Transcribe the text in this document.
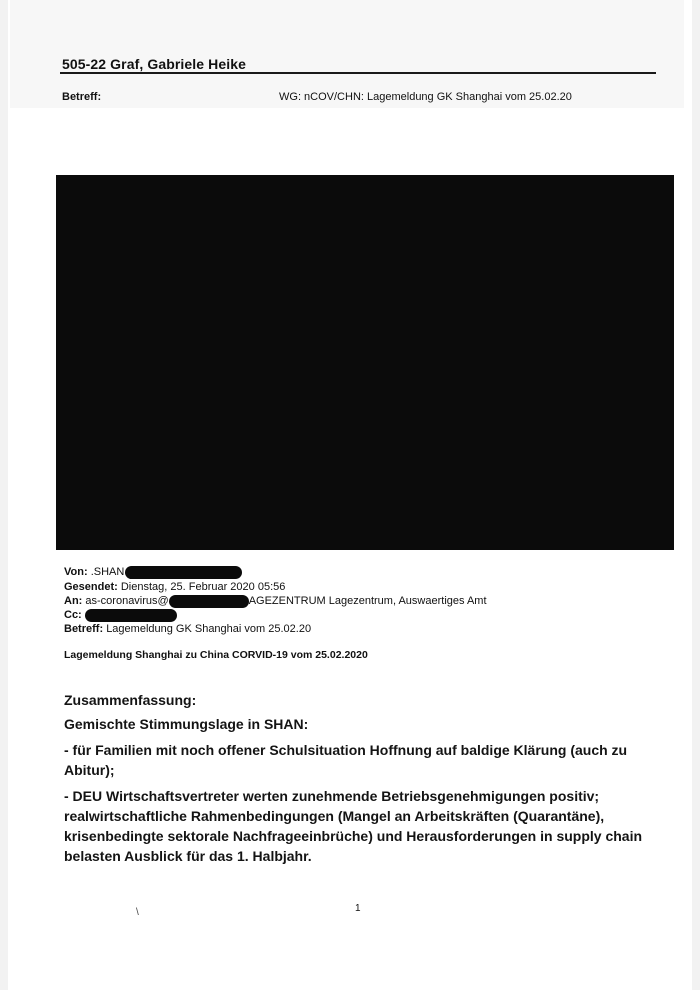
505-22 Graf, Gabriele Heike
Betreff:	WG: nCOV/CHN: Lagemeldung GK Shanghai vom 25.02.20
Von: .SHAN
Gesendet: Dienstag, 25. Februar 2020 05:56
An: as-coronavirus@	AGEZENTRUM Lagezentrum, Auswaertiges Amt
Cc:
Betreff: Lagemeldung GK Shanghai vom 25.02.20
Lagemeldung Shanghai zu China CORVID-19 vom 25.02.2020
Zusammenfassung:
Gemischte Stimmungslage in SHAN:
- für Familien mit noch offener Schulsituation Hoffnung auf baldige Klärung (auch zu Abitur);
- DEU Wirtschaftsvertreter werten zunehmende Betriebsgenehmigungen positiv; realwirtschaftliche Rahmenbedingungen (Mangel an Arbeitskräften (Quarantäne), krisenbedingte sektorale Nachfrageeinbrüche) und Herausforderungen in supply chain belasten Ausblick für das 1. Halbjahr.
\	1
